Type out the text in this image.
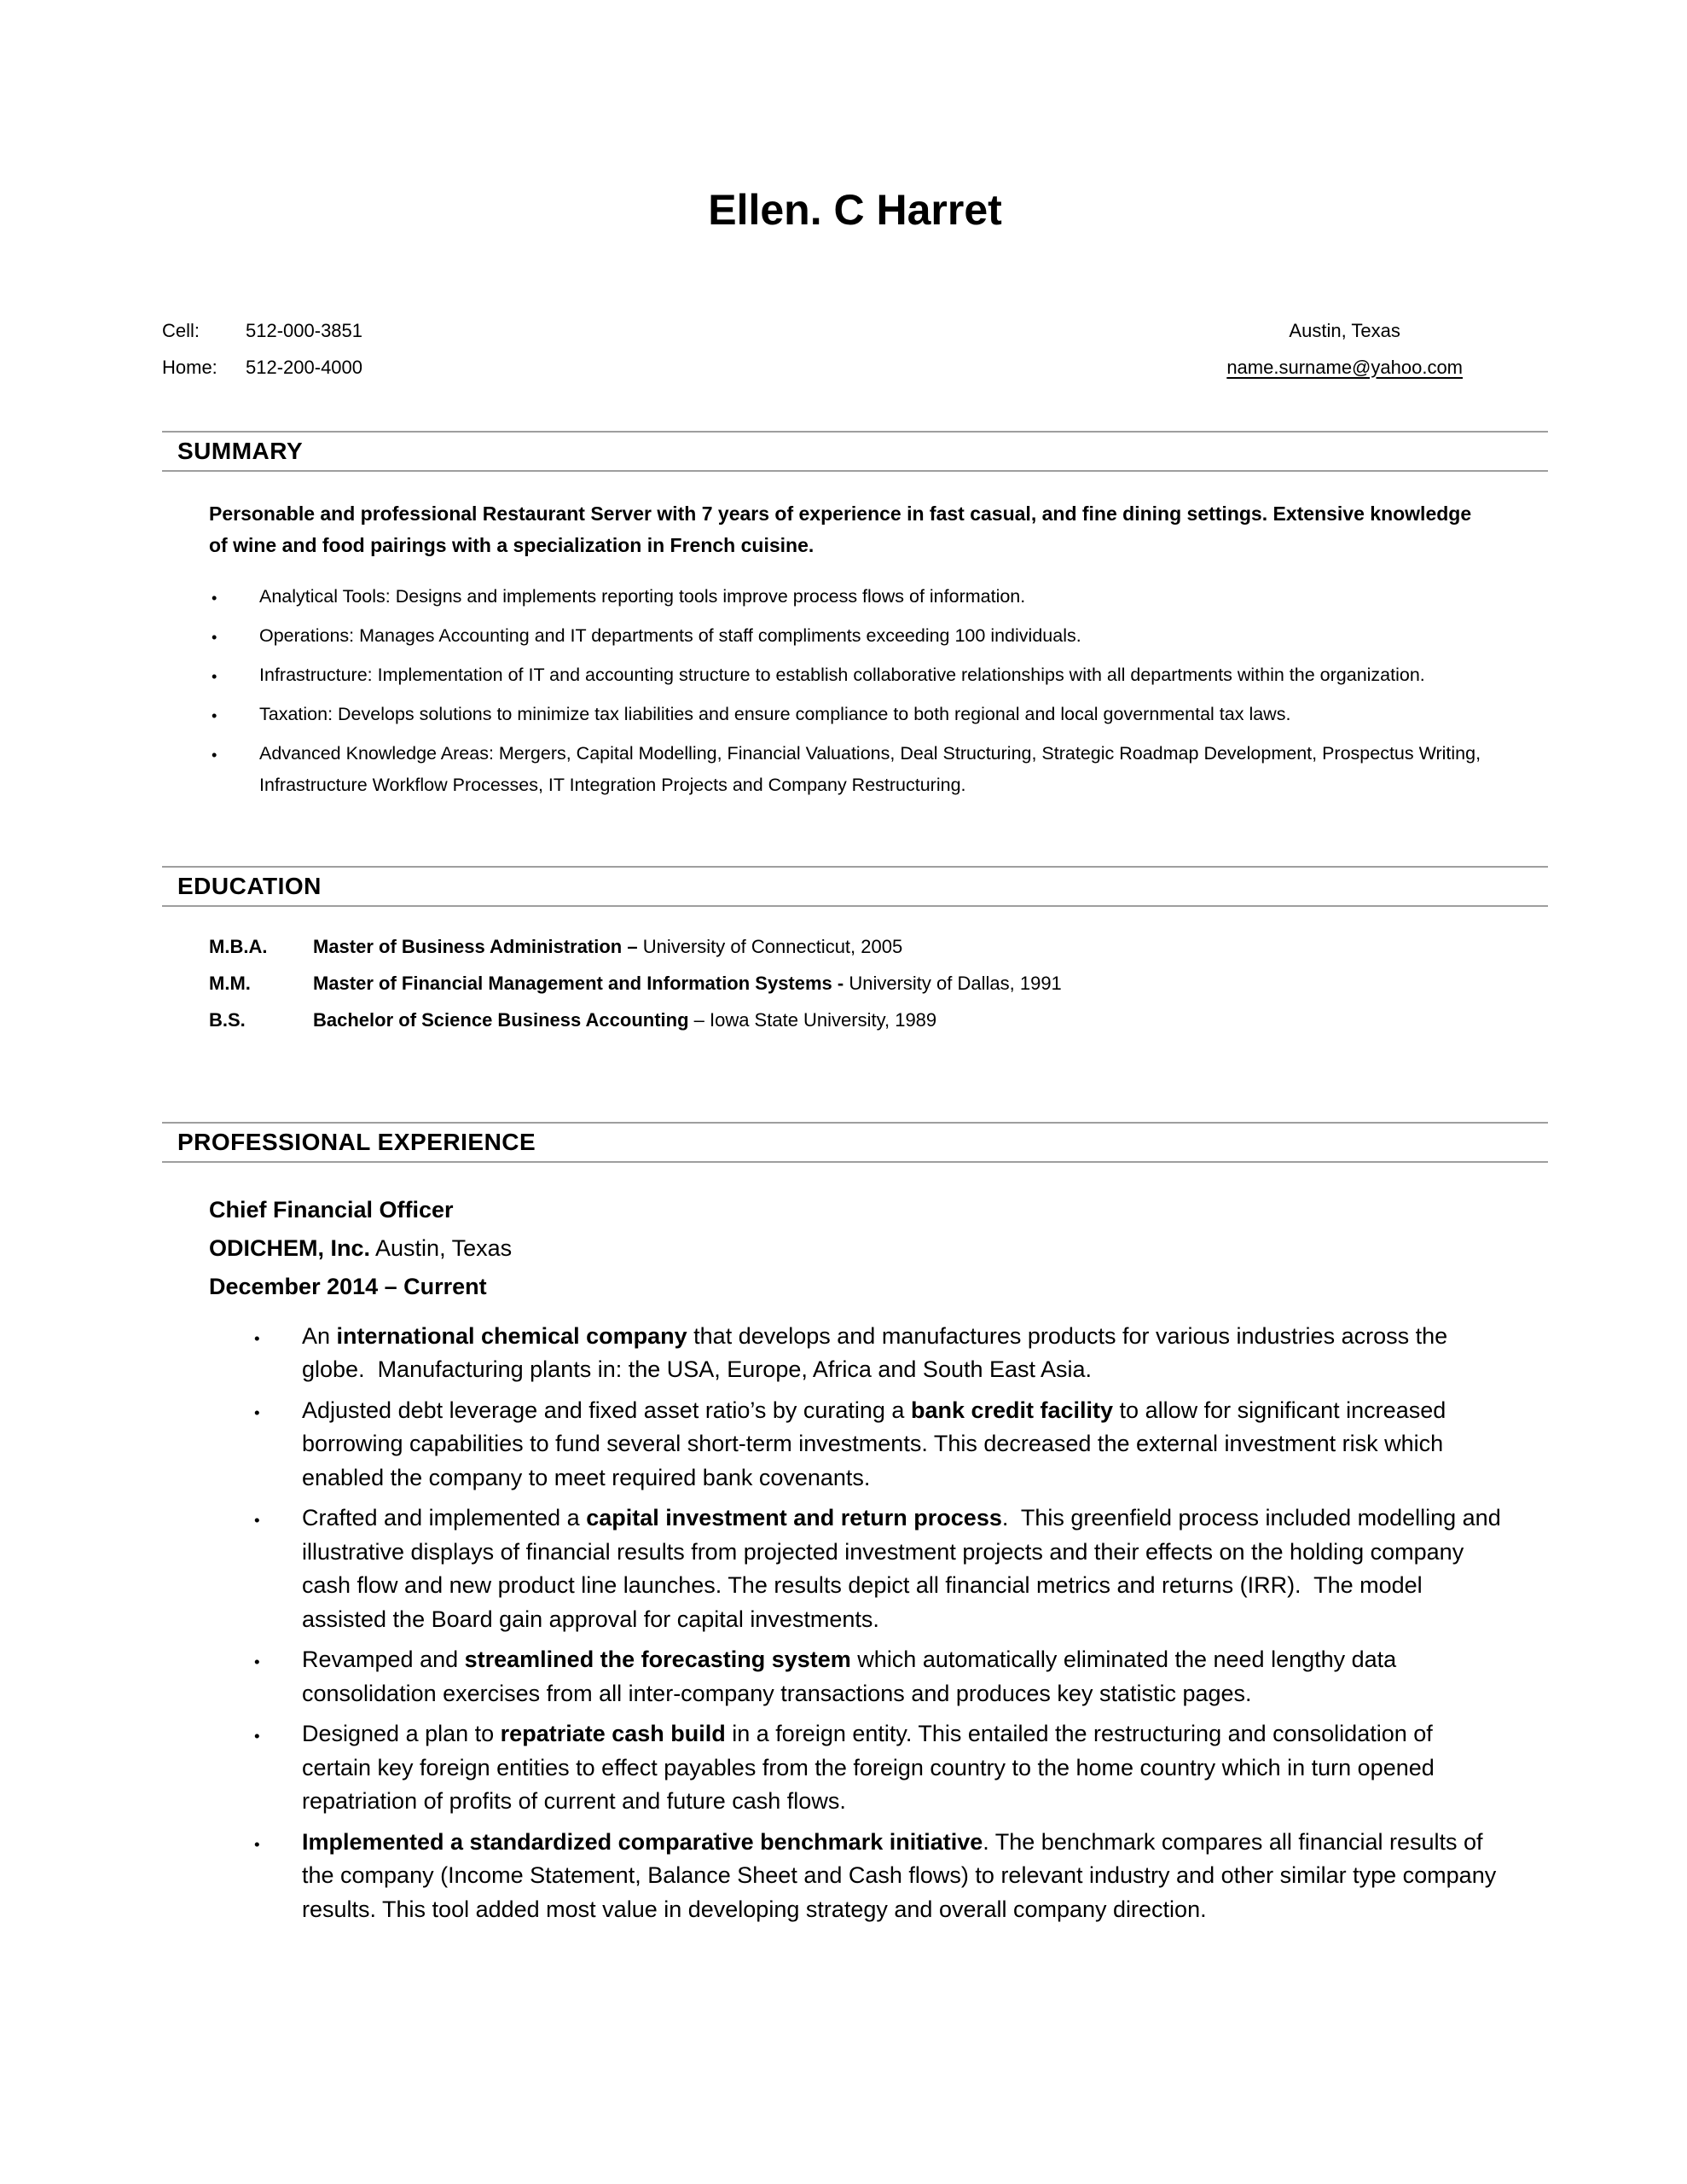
Ellen. C Harret
Cell: 512-000-3851
Home: 512-200-4000
Austin, Texas
name.surname@yahoo.com
SUMMARY

Personable and professional Restaurant Server with 7 years of experience in fast casual, and fine dining settings. Extensive knowledge of wine and food pairings with a specialization in French cuisine.

• Analytical Tools: Designs and implements reporting tools improve process flows of information.
• Operations: Manages Accounting and IT departments of staff compliments exceeding 100 individuals.
• Infrastructure: Implementation of IT and accounting structure to establish collaborative relationships with all departments within the organization.
• Taxation: Develops solutions to minimize tax liabilities and ensure compliance to both regional and local governmental tax laws.
• Advanced Knowledge Areas: Mergers, Capital Modelling, Financial Valuations, Deal Structuring, Strategic Roadmap Development, Prospectus Writing, Infrastructure Workflow Processes, IT Integration Projects and Company Restructuring.
EDUCATION
M.B.A.	Master of Business Administration – University of Connecticut, 2005
M.M.	Master of Financial Management and Information Systems - University of Dallas, 1991
B.S.	Bachelor of Science Business Accounting – Iowa State University, 1989
PROFESSIONAL EXPERIENCE
Chief Financial Officer
ODICHEM, Inc. Austin, Texas
December 2014 – Current
• An international chemical company that develops and manufactures products for various industries across the globe.  Manufacturing plants in: the USA, Europe, Africa and South East Asia.
• Adjusted debt leverage and fixed asset ratio’s by curating a bank credit facility to allow for significant increased borrowing capabilities to fund several short-term investments. This decreased the external investment risk which enabled the company to meet required bank covenants.
• Crafted and implemented a capital investment and return process.  This greenfield process included modelling and illustrative displays of financial results from projected investment projects and their effects on the holding company cash flow and new product line launches. The results depict all financial metrics and returns (IRR).  The model assisted the Board gain approval for capital investments.
• Revamped and streamlined the forecasting system which automatically eliminated the need lengthy data consolidation exercises from all inter-company transactions and produces key statistic pages.
• Designed a plan to repatriate cash build in a foreign entity. This entailed the restructuring and consolidation of certain key foreign entities to effect payables from the foreign country to the home country which in turn opened repatriation of profits of current and future cash flows.
• Implemented a standardized comparative benchmark initiative. The benchmark compares all financial results of the company (Income Statement, Balance Sheet and Cash flows) to relevant industry and other similar type company results. This tool added most value in developing strategy and overall company direction.
